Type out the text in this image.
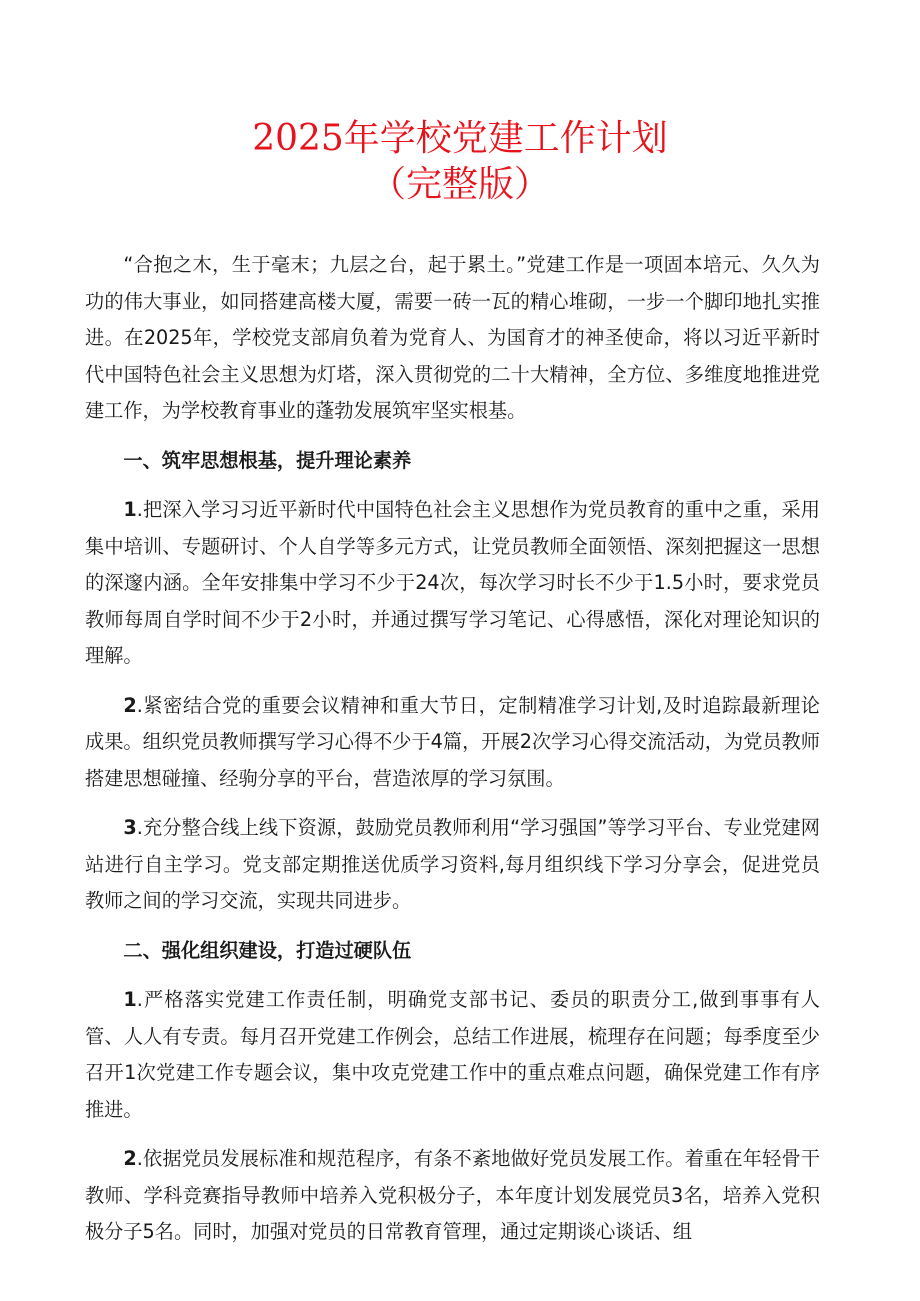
2025年学校党建工作计划
（完整版）

“合抱之木，生于毫末；九层之台，起于累土。”党建工作是一项固本培元、久久为功的伟大事业，如同搭建高楼大厦，需要一砖一瓦的精心堆砌，一步一个脚印地扎实推进。在2025年，学校党支部肩负着为党育人、为国育才的神圣使命，将以习近平新时代中国特色社会主义思想为灯塔，深入贯彻党的二十大精神，全方位、多维度地推进党建工作，为学校教育事业的蓬勃发展筑牢坚实根基。

一、筑牢思想根基，提升理论素养

1.把深入学习习近平新时代中国特色社会主义思想作为党员教育的重中之重，采用集中培训、专题研讨、个人自学等多元方式，让党员教师全面领悟、深刻把握这一思想的深邃内涵。全年安排集中学习不少于24次，每次学习时长不少于1.5小时，要求党员教师每周自学时间不少于2小时，并通过撰写学习笔记、心得感悟，深化对理论知识的理解。

2.紧密结合党的重要会议精神和重大节日，定制精准学习计划,及时追踪最新理论成果。组织党员教师撰写学习心得不少于4篇，开展2次学习心得交流活动，为党员教师搭建思想碰撞、经驹分享的平台，营造浓厚的学习氛围。

3.充分整合线上线下资源，鼓励党员教师利用“学习强国”等学习平台、专业党建网站进行自主学习。党支部定期推送优质学习资料,每月组织线下学习分享会，促进党员教师之间的学习交流，实现共同进步。

二、强化组织建设，打造过硬队伍

1.严格落实党建工作责任制，明确党支部书记、委员的职责分工,做到事事有人管、人人有专责。每月召开党建工作例会，总结工作进展，梳理存在问题；每季度至少召开1次党建工作专题会议，集中攻克党建工作中的重点难点问题，确保党建工作有序推进。

2.依据党员发展标准和规范程序，有条不紊地做好党员发展工作。着重在年轻骨干教师、学科竞赛指导教师中培养入党积极分子，本年度计划发展党员3名，培养入党积极分子5名。同时，加强对党员的日常教育管理，通过定期谈心谈话、组
